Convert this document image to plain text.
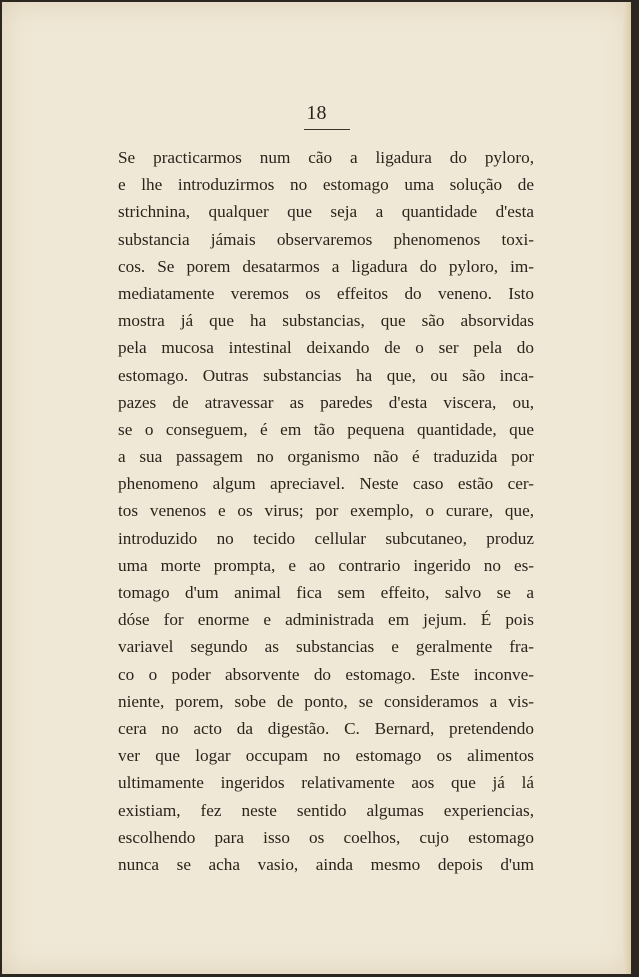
18
Se practicarmos num cão a ligadura do pyloro,
e lhe introduzirmos no estomago uma solução de
strichnina, qualquer que seja a quantidade d'esta
substancia jámais observaremos phenomenos toxi-
cos. Se porem desatarmos a ligadura do pyloro, im-
mediatamente veremos os effeitos do veneno. Isto
mostra já que ha substancias, que são absorvidas
pela mucosa intestinal deixando de o ser pela do
estomago. Outras substancias ha que, ou são inca-
pazes de atravessar as paredes d'esta viscera, ou,
se o conseguem, é em tão pequena quantidade, que
a sua passagem no organismo não é traduzida por
phenomeno algum apreciavel. Neste caso estão cer-
tos venenos e os virus; por exemplo, o curare, que,
introduzido no tecido cellular subcutaneo, produz
uma morte prompta, e ao contrario ingerido no es-
tomago d'um animal fica sem effeito, salvo se a
dóse for enorme e administrada em jejum. É pois
variavel segundo as substancias e geralmente fra-
co o poder absorvente do estomago. Este inconve-
niente, porem, sobe de ponto, se consideramos a vis-
cera no acto da digestão. C. Bernard, pretendendo
ver que logar occupam no estomago os alimentos
ultimamente ingeridos relativamente aos que já lá
existiam, fez neste sentido algumas experiencias,
escolhendo para isso os coelhos, cujo estomago
nunca se acha vasio, ainda mesmo depois d'um
